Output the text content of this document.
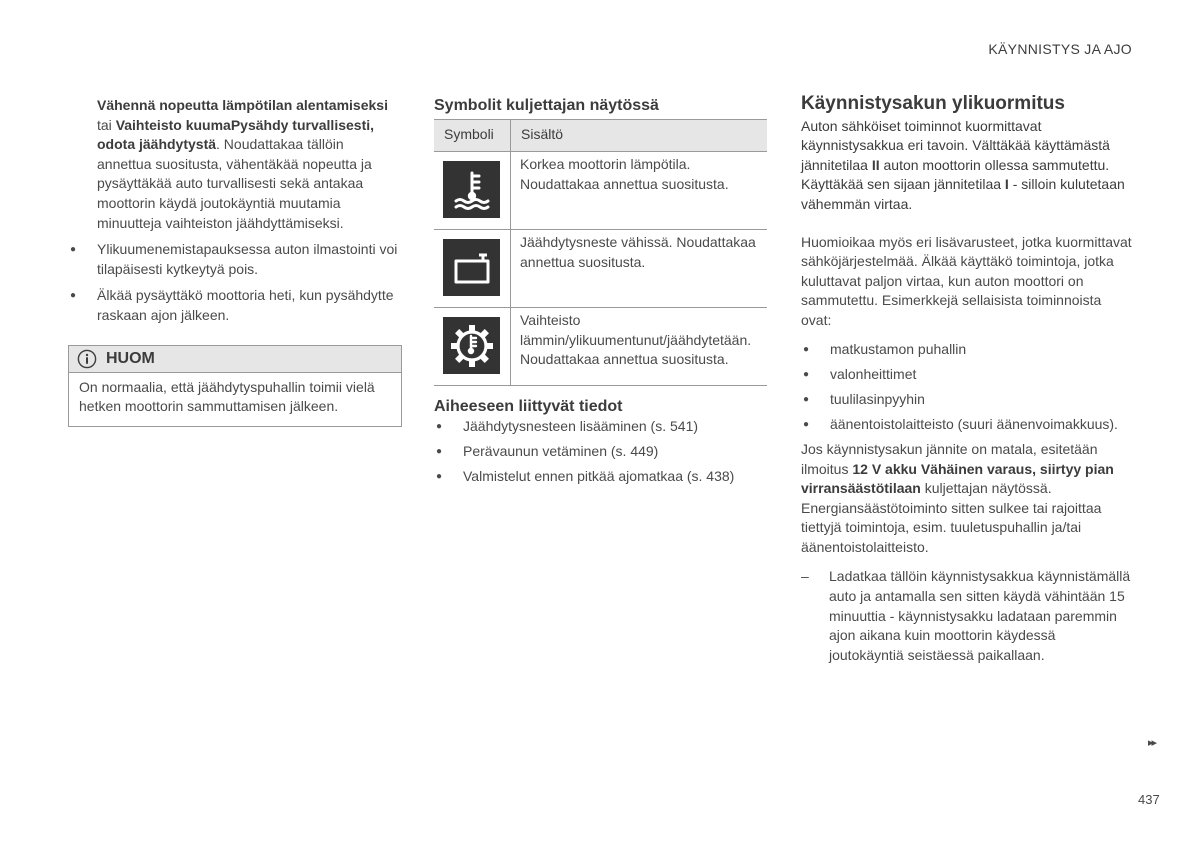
KÄYNNISTYS JA AJO

Vähennä nopeutta lämpötilan alentamiseksi tai Vaihteisto kuumaPysähdy turvallisesti, odota jäähdytystä. Noudattakaa tällöin annettua suositusta, vähentäkää nopeutta ja pysäyttäkää auto turvallisesti sekä antakaa moottorin käydä joutokäyntiä muutamia minuutteja vaihteiston jäähdyttämiseksi.

● Ylikuumenemistapauksessa auton ilmastointi voi tilapäisesti kytkeytyä pois.
● Älkää pysäyttäkö moottoria heti, kun pysähdytte raskaan ajon jälkeen.
HUOM
On normaalia, että jäähdytyspuhallin toimii vielä hetken moottorin sammuttamisen jälkeen.
Symbolit kuljettajan näytössä
Symboli	Sisältö

	Korkea moottorin lämpötila. Noudattakaa annettua suositusta.

	Jäähdytysneste vähissä. Noudattakaa annettua suositusta.

	Vaihteisto lämmin/ylikuumentunut/jäähdytetään. Noudattakaa annettua suositusta.
Aiheeseen liittyvät tiedot
● Jäähdytysnesteen lisääminen (s. 541)
● Perävaunun vetäminen (s. 449)
● Valmistelut ennen pitkää ajomatkaa (s. 438)
Käynnistysakun ylikuormitus

Auton sähköiset toiminnot kuormittavat käynnistysakkua eri tavoin. Välttäkää käyttämästä jännitetilaa II auton moottorin ollessa sammutettu. Käyttäkää sen sijaan jännitetilaa I - silloin kulutetaan vähemmän virtaa.

Huomioikaa myös eri lisävarusteet, jotka kuormittavat sähköjärjestelmää. Älkää käyttäkö toimintoja, jotka kuluttavat paljon virtaa, kun auton moottori on sammutettu. Esimerkkejä sellaisista toiminnoista ovat:

● matkustamon puhallin
● valonheittimet
● tuulilasinpyyhin
● äänentoistolaitteisto (suuri äänenvoimakkuus).

Jos käynnistysakun jännite on matala, esitetään ilmoitus 12 V akku Vähäinen varaus, siirtyy pian virransäästötilaan kuljettajan näytössä. Energiansäästötoiminto sitten sulkee tai rajoittaa tiettyjä toimintoja, esim. tuuletuspuhallin ja/tai äänentoistolaitteisto.

– Ladatkaa tällöin käynnistysakkua käynnistämällä auto ja antamalla sen sitten käydä vähintään 15 minuuttia - käynnistysakku ladataan paremmin ajon aikana kuin moottorin käydessä joutokäyntiä seistäessä paikallaan.
▸▸
437
